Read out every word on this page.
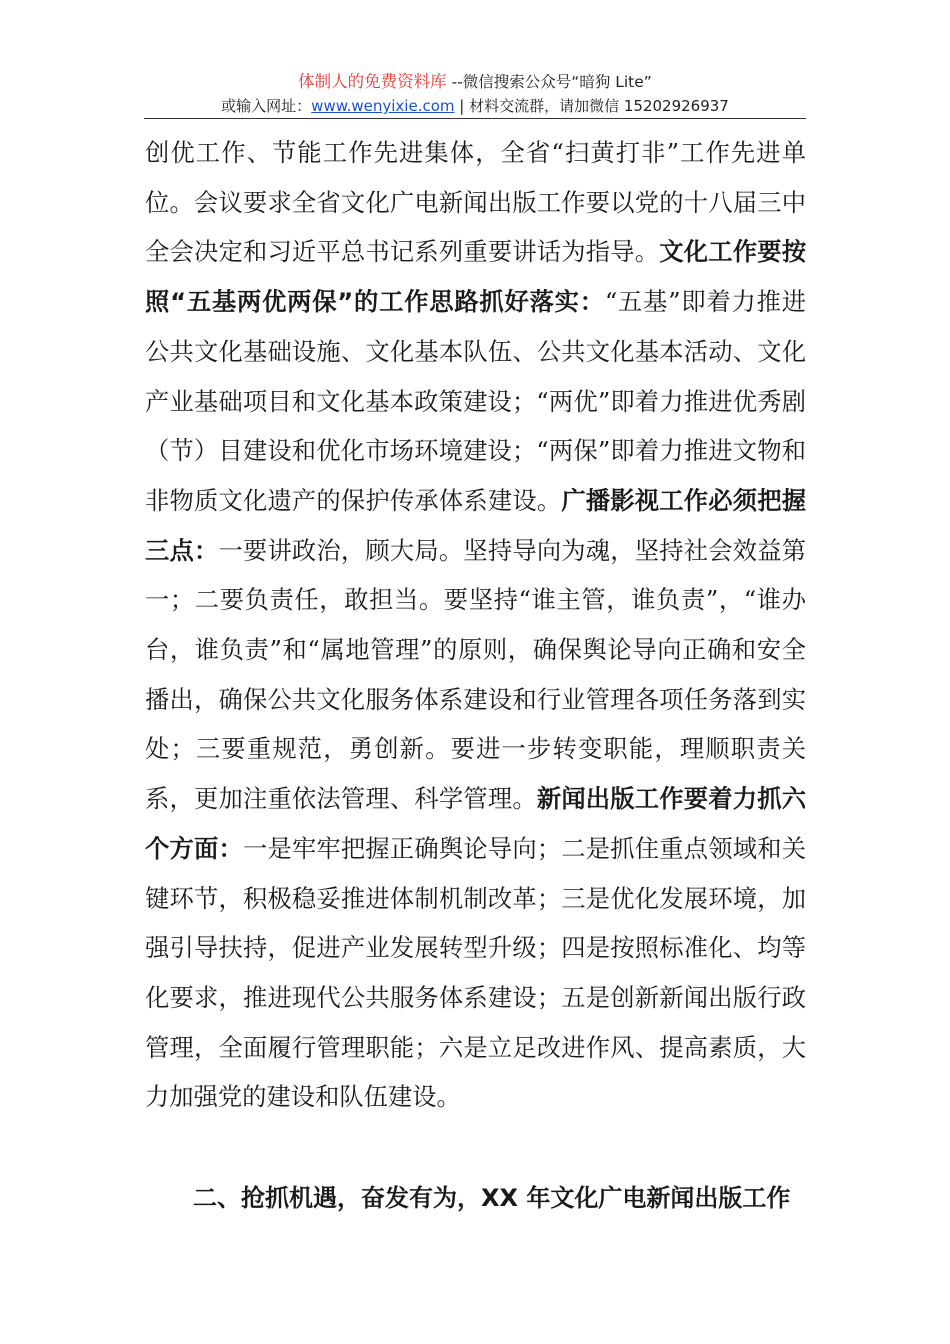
体制人的免费资料库 --微信搜索公众号“暗狗 Lite”
或输入网址：www.wenyixie.com | 材料交流群，请加微信 15202926937

创优工作、节能工作先进集体，全省“扫黄打非”工作先进单位。会议要求全省文化广电新闻出版工作要以党的十八届三中全会决定和习近平总书记系列重要讲话为指导。文化工作要按照“五基两优两保”的工作思路抓好落实：“五基”即着力推进公共文化基础设施、文化基本队伍、公共文化基本活动、文化产业基础项目和文化基本政策建设；“两优”即着力推进优秀剧（节）目建设和优化市场环境建设；“两保”即着力推进文物和非物质文化遗产的保护传承体系建设。广播影视工作必须把握三点：一要讲政治，顾大局。坚持导向为魂，坚持社会效益第一；二要负责任，敢担当。要坚持“谁主管，谁负责”，“谁办台，谁负责”和“属地管理”的原则，确保舆论导向正确和安全播出，确保公共文化服务体系建设和行业管理各项任务落到实处；三要重规范，勇创新。要进一步转变职能，理顺职责关系，更加注重依法管理、科学管理。新闻出版工作要着力抓六个方面：一是牢牢把握正确舆论导向；二是抓住重点领域和关键环节，积极稳妥推进体制机制改革；三是优化发展环境，加强引导扶持，促进产业发展转型升级；四是按照标准化、均等化要求，推进现代公共服务体系建设；五是创新新闻出版行政管理，全面履行管理职能；六是立足改进作风、提高素质，大力加强党的建设和队伍建设。

二、抢抓机遇，奋发有为，XX 年文化广电新闻出版工作
